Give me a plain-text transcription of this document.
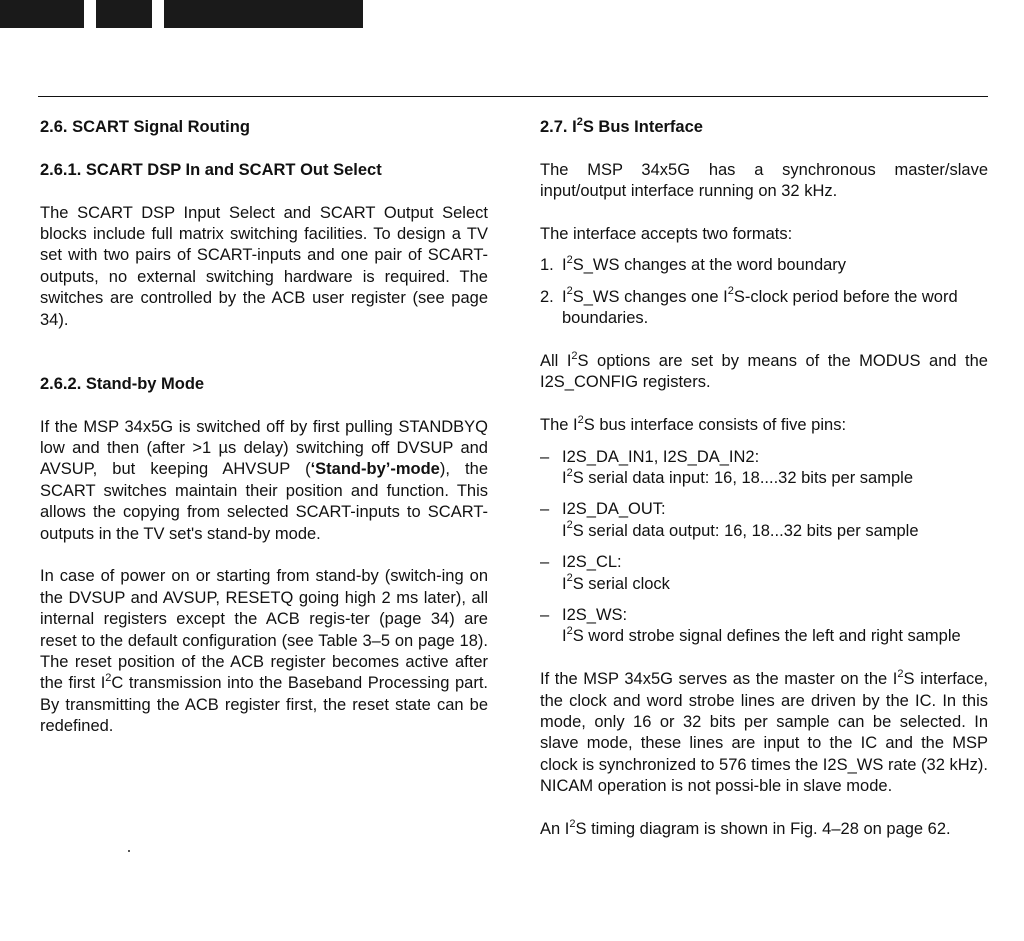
2.6. SCART Signal Routing
2.6.1. SCART DSP In and SCART Out Select

The SCART DSP Input Select and SCART Output Select blocks include full matrix switching facilities. To design a TV set with two pairs of SCART-inputs and one pair of SCART-outputs, no external switching hardware is required. The switches are controlled by the ACB user register (see page 34).

2.6.2. Stand-by Mode

If the MSP 34x5G is switched off by first pulling STANDBYQ low and then (after >1 µs delay) switching off DVSUP and AVSUP, but keeping AHVSUP (‘Stand-by’-mode), the SCART switches maintain their position and function. This allows the copying from selected SCART-inputs to SCART-outputs in the TV set's stand-by mode.

In case of power on or starting from stand-by (switch-ing on the DVSUP and AVSUP, RESETQ going high 2 ms later), all internal registers except the ACB regis-ter (page 34) are reset to the default configuration (see Table 3–5 on page 18). The reset position of the ACB register becomes active after the first $I^2C$ transmission into the Baseband Processing part. By transmitting the ACB register first, the reset state can be redefined.

2.7. $I^2S$ Bus Interface

The MSP 34x5G has a synchronous master/slave input/output interface running on 32 kHz.

The interface accepts two formats:

1. $I^2S\_WS$ changes at the word boundary
2. $I^2S\_WS$ changes one $I^2S$-clock period before the word boundaries.

All $I^2S$ options are set by means of the MODUS and the I2S_CONFIG registers.

The $I^2S$ bus interface consists of five pins:

– I2S_DA_IN1, I2S_DA_IN2:
$I^2S$ serial data input: 16, 18....32 bits per sample
– I2S_DA_OUT:
$I^2S$ serial data output: 16, 18...32 bits per sample
– I2S_CL:
$I^2S$ serial clock
– I2S_WS:
$I^2S$ word strobe signal defines the left and right sample

If the MSP 34x5G serves as the master on the $I^2S$ interface, the clock and word strobe lines are driven by the IC. In this mode, only 16 or 32 bits per sample can be selected. In slave mode, these lines are input to the IC and the MSP clock is synchronized to 576 times the I2S_WS rate (32 kHz). NICAM operation is not possi-ble in slave mode.

An $I^2S$ timing diagram is shown in Fig. 4–28 on page 62.
